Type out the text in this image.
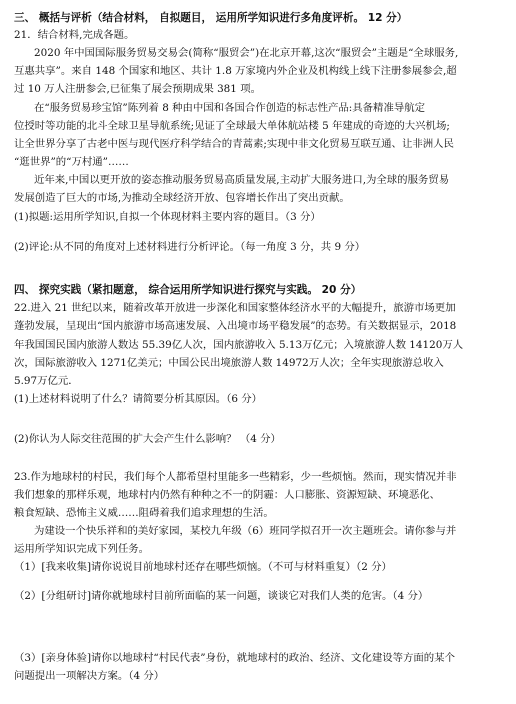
三、 概括与评析（结合材料， 自拟题目， 运用所学知识进行多角度评析。 12 分）
21．结合材料,完成各题。
2020 年中国国际服务贸易交易会(简称“服贸会”)在北京开幕,这次“服贸会”主题是“全球服务,
互惠共享”。来自 148 个国家和地区、共计 1.8 万家境内外企业及机构线上线下注册参展参会,超
过 10 万人注册参会,已征集了展会预期成果 381 项。
在“服务贸易珍宝馆”陈列着 8 种由中国和各国合作创造的标志性产品:具备精准导航定
位授时等功能的北斗全球卫星导航系统;见证了全球最大单体航站楼 5 年建成的奇迹的大兴机场;
让全世界分享了古老中医与现代医疗科学结合的青蒿素;实现中非文化贸易互联互通、让非洲人民
“逛世界”的“万村通”……
近年来,中国以更开放的姿态推动服务贸易高质量发展,主动扩大服务进口,为全球的服务贸易
发展创造了巨大的市场,为推动全球经济开放、包容增长作出了突出贡献。
(1)拟题:运用所学知识,自拟一个体现材料主要内容的题目。（3 分）
(2)评论:从不同的角度对上述材料进行分析评论。（每一角度 3 分，共 9 分）
四、 探究实践（紧扣题意， 综合运用所学知识进行探究与实践。 20 分）
22.进入 21 世纪以来，随着改革开放进一步深化和国家整体经济水平的大幅提升，旅游市场更加
蓬勃发展，呈现出“国内旅游市场高速发展、入出境市场平稳发展”的态势。有关数据显示，2018
年我国国民国内旅游人数达 55.39亿人次，国内旅游收入 5.13万亿元；入境旅游人数 14120万人
次，国际旅游收入 1271亿美元；中国公民出境旅游人数 14972万人次；全年实现旅游总收入
5.97万亿元．
(1)上述材料说明了什么？请简要分析其原因。（6 分）
(2)你认为人际交往范围的扩大会产生什么影响？ （4 分）
23.作为地球村的村民，我们每个人都希望村里能多一些精彩，少一些烦恼。然而，现实情况并非
我们想象的那样乐观，地球村内仍然有种种之不一的阴霾：人口膨胀、资源短缺、环境恶化、
粮食短缺、恐怖主义威……阻碍着我们追求理想的生活。
为建设一个快乐祥和的美好家园，某校九年级（6）班同学拟召开一次主题班会。请你参与并
运用所学知识完成下列任务。
（1）[我来收集]请你说说目前地球村还存在哪些烦恼。（不可与材料重复）（2 分）
（2）[分组研讨]请你就地球村目前所面临的某一问题，谈谈它对我们人类的危害。（4 分）
（3）[亲身体验]请你以地球村“村民代表”身份，就地球村的政治、经济、文化建设等方面的某个
问题提出一项解决方案。（4 分）
